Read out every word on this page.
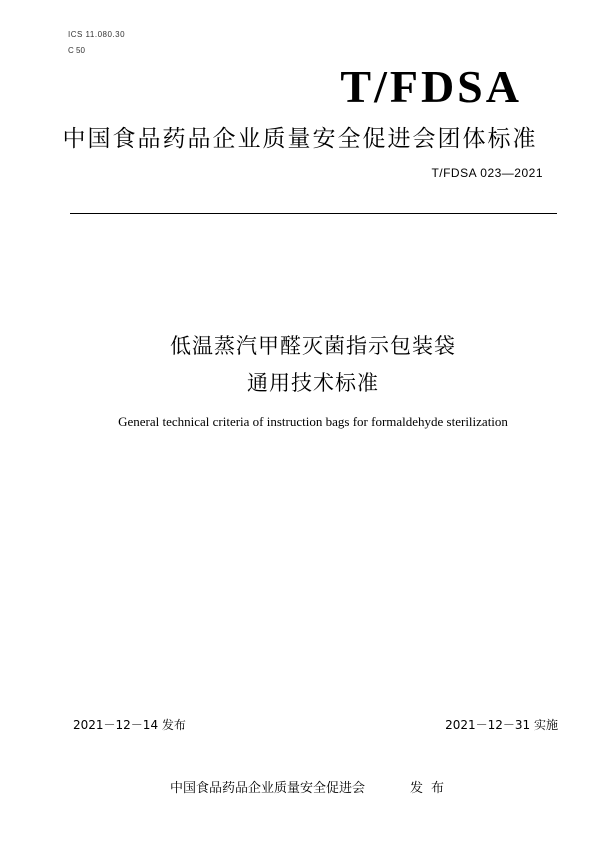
ICS 11.080.30
C 50
T/FDSA
中国食品药品企业质量安全促进会团体标准
T/FDSA 023—2021
低温蒸汽甲醛灭菌指示包装袋
通用技术标准
General technical criteria of instruction bags for formaldehyde sterilization
2021－12－14 发布	2021－12－31 实施
中国食品药品企业质量安全促进会	发布
